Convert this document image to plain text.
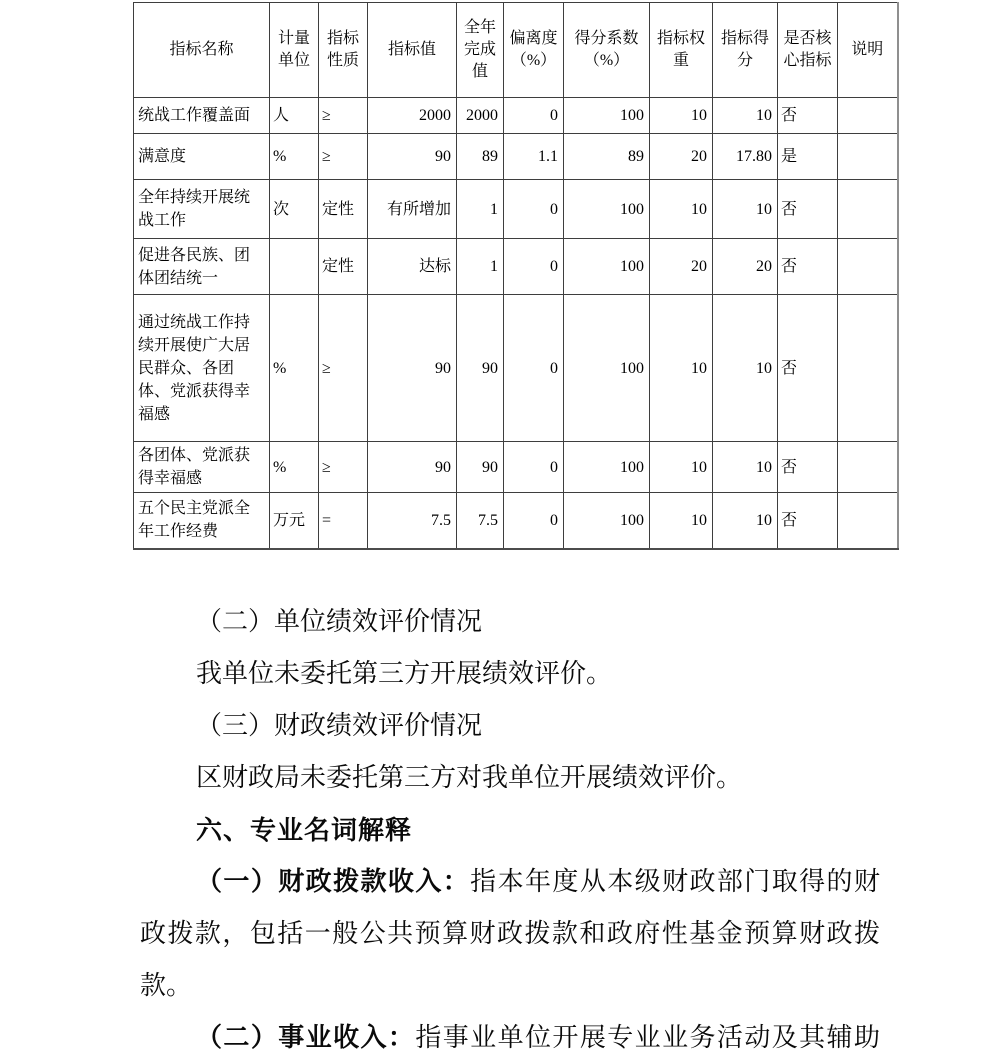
指标名称	计量单位	指标性质	指标值	全年完成值	偏离度（%）	得分系数（%）	指标权重	指标得分	是否核心指标	说明
统战工作覆盖面	人	≥	2000	2000	0	100	10	10	否	
满意度	%	≥	90	89	1.1	89	20	17.80	是	
全年持续开展统战工作	次	定性	有所增加	1	0	100	10	10	否	
促进各民族、团体团结统一		定性	达标	1	0	100	20	20	否	
通过统战工作持续开展使广大居民群众、各团体、党派获得幸福感	%	≥	90	90	0	100	10	10	否	
各团体、党派获得幸福感	%	≥	90	90	0	100	10	10	否	
五个民主党派全年工作经费	万元	=	7.5	7.5	0	100	10	10	否	
（二）单位绩效评价情况
我单位未委托第三方开展绩效评价。
（三）财政绩效评价情况
区财政局未委托第三方对我单位开展绩效评价。
六、专业名词解释
（一）财政拨款收入：指本年度从本级财政部门取得的财
政拨款，包括一般公共预算财政拨款和政府性基金预算财政拨
款。
（二）事业收入：指事业单位开展专业业务活动及其辅助
